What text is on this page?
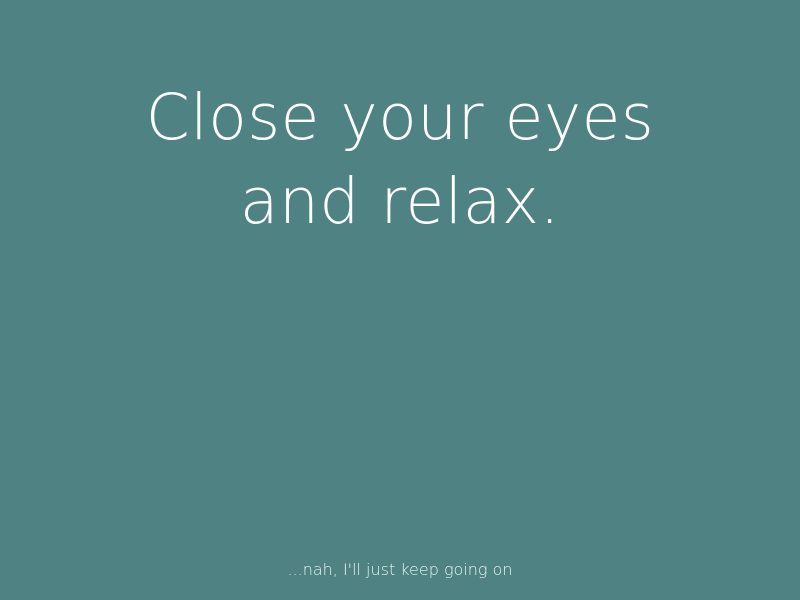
Close your eyes
and relax.
...nah, I'll just keep going on
